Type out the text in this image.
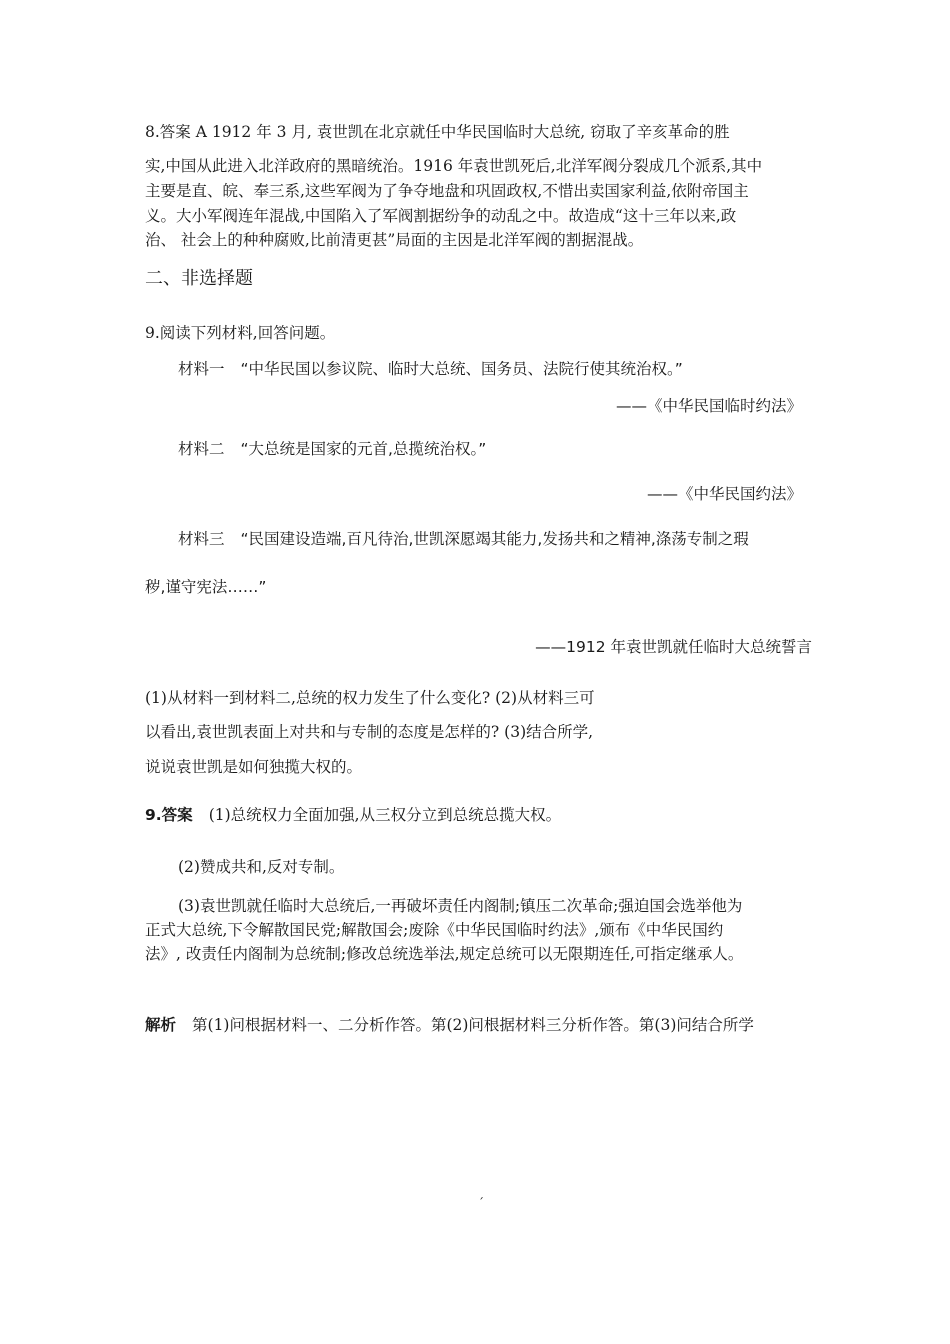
8.答案 A 1912 年 3 月, 袁世凯在北京就任中华民国临时大总统, 窃取了辛亥革命的胜
实,中国从此进入北洋政府的黑暗统治。1916 年袁世凯死后,北洋军阀分裂成几个派系,其中
主要是直、皖、奉三系,这些军阀为了争夺地盘和巩固政权,不惜出卖国家利益,依附帝国主
义。大小军阀连年混战,中国陷入了军阀割据纷争的动乱之中。故造成“这十三年以来,政
治、 社会上的种种腐败,比前清更甚”局面的主因是北洋军阀的割据混战。
二、非选择题
9.阅读下列材料,回答问题。
材料一 “中华民国以参议院、临时大总统、国务员、法院行使其统治权。”
——《中华民国临时约法》
材料二 “大总统是国家的元首,总揽统治权。”
——《中华民国约法》
材料三 “民国建设造端,百凡待治,世凯深愿竭其能力,发扬共和之精神,涤荡专制之瑕
秽,谨守宪法……”
——1912 年袁世凯就任临时大总统誓言
(1)从材料一到材料二,总统的权力发生了什么变化? (2)从材料三可
以看出,袁世凯表面上对共和与专制的态度是怎样的? (3)结合所学,
说说袁世凯是如何独揽大权的。
9.答案 (1)总统权力全面加强,从三权分立到总统总揽大权。
(2)赞成共和,反对专制。
(3)袁世凯就任临时大总统后,一再破坏责任内阁制;镇压二次革命;强迫国会选举他为
正式大总统,下令解散国民党;解散国会;废除《中华民国临时约法》,颁布《中华民国约
法》, 改责任内阁制为总统制;修改总统选举法,规定总统可以无限期连任,可指定继承人。
解析 第(1)问根据材料一、二分析作答。第(2)问根据材料三分析作答。第(3)问结合所学
ˊ
